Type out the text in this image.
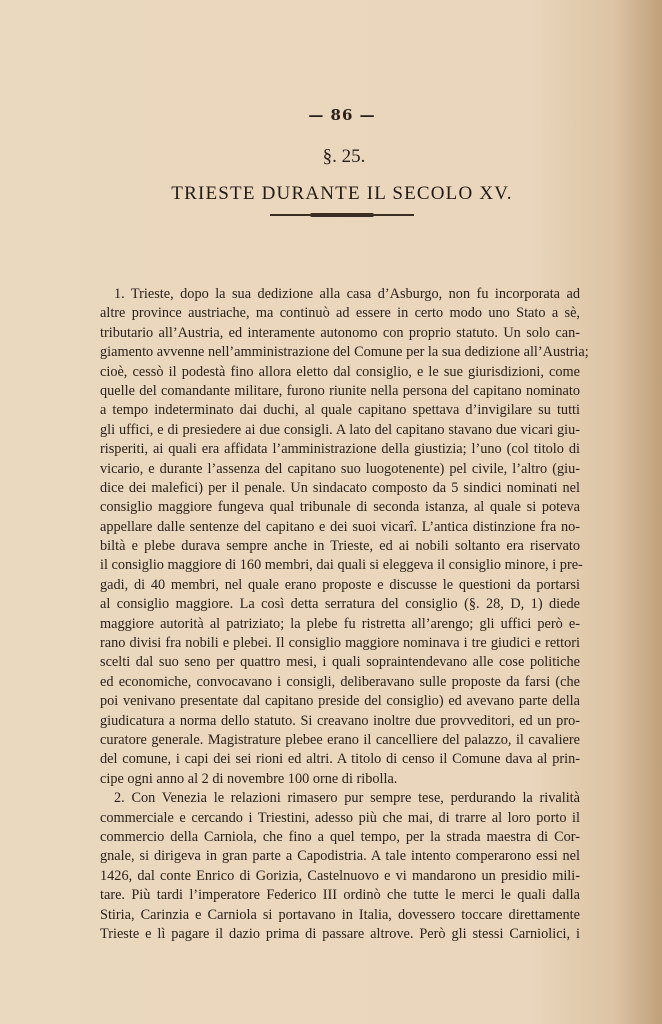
— 86 —
§. 25.
TRIESTE DURANTE IL SECOLO XV.
1. Trieste, dopo la sua dedizione alla casa d’Asburgo, non fu incorporata ad
altre province austriache, ma continuò ad essere in certo modo uno Stato a sè,
tributario all’Austria, ed interamente autonomo con proprio statuto. Un solo can-
giamento avvenne nell’amministrazione del Comune per la sua dedizione all’Austria;
cioè, cessò il podestà fino allora eletto dal consiglio, e le sue giurisdizioni, come
quelle del comandante militare, furono riunite nella persona del capitano nominato
a tempo indeterminato dai duchi, al quale capitano spettava d’invigilare su tutti
gli uffici, e di presiedere ai due consigli. A lato del capitano stavano due vicari giu-
risperiti, ai quali era affidata l’amministrazione della giustizia; l’uno (col titolo di
vicario, e durante l’assenza del capitano suo luogotenente) pel civile, l’altro (giu-
dice dei malefici) per il penale. Un sindacato composto da 5 sindici nominati nel
consiglio maggiore fungeva qual tribunale di seconda istanza, al quale si poteva
appellare dalle sentenze del capitano e dei suoi vicarî. L’antica distinzione fra no-
biltà e plebe durava sempre anche in Trieste, ed ai nobili soltanto era riservato
il consiglio maggiore di 160 membri, dai quali si eleggeva il consiglio minore, i pre-
gadi, di 40 membri, nel quale erano proposte e discusse le questioni da portarsi
al consiglio maggiore. La così detta serratura del consiglio (§. 28, D, 1) diede
maggiore autorità al patriziato; la plebe fu ristretta all’arengo; gli uffici però e-
rano divisi fra nobili e plebei. Il consiglio maggiore nominava i tre giudici e rettori
scelti dal suo seno per quattro mesi, i quali sopraintendevano alle cose politiche
ed economiche, convocavano i consigli, deliberavano sulle proposte da farsi (che
poi venivano presentate dal capitano preside del consiglio) ed avevano parte della
giudicatura a norma dello statuto. Si creavano inoltre due provveditori, ed un pro-
curatore generale. Magistrature plebee erano il cancelliere del palazzo, il cavaliere
del comune, i capi dei sei rioni ed altri. A titolo di censo il Comune dava al prin-
cipe ogni anno al 2 di novembre 100 orne di ribolla.
2. Con Venezia le relazioni rimasero pur sempre tese, perdurando la rivalità
commerciale e cercando i Triestini, adesso più che mai, di trarre al loro porto il
commercio della Carniola, che fino a quel tempo, per la strada maestra di Cor-
gnale, si dirigeva in gran parte a Capodistria. A tale intento comperarono essi nel
1426, dal conte Enrico di Gorizia, Castelnuovo e vi mandarono un presidio mili-
tare. Più tardi l’imperatore Federico III ordinò che tutte le merci le quali dalla
Stiria, Carinzia e Carniola si portavano in Italia, dovessero toccare direttamente
Trieste e lì pagare il dazio prima di passare altrove. Però gli stessi Carniolici, i
